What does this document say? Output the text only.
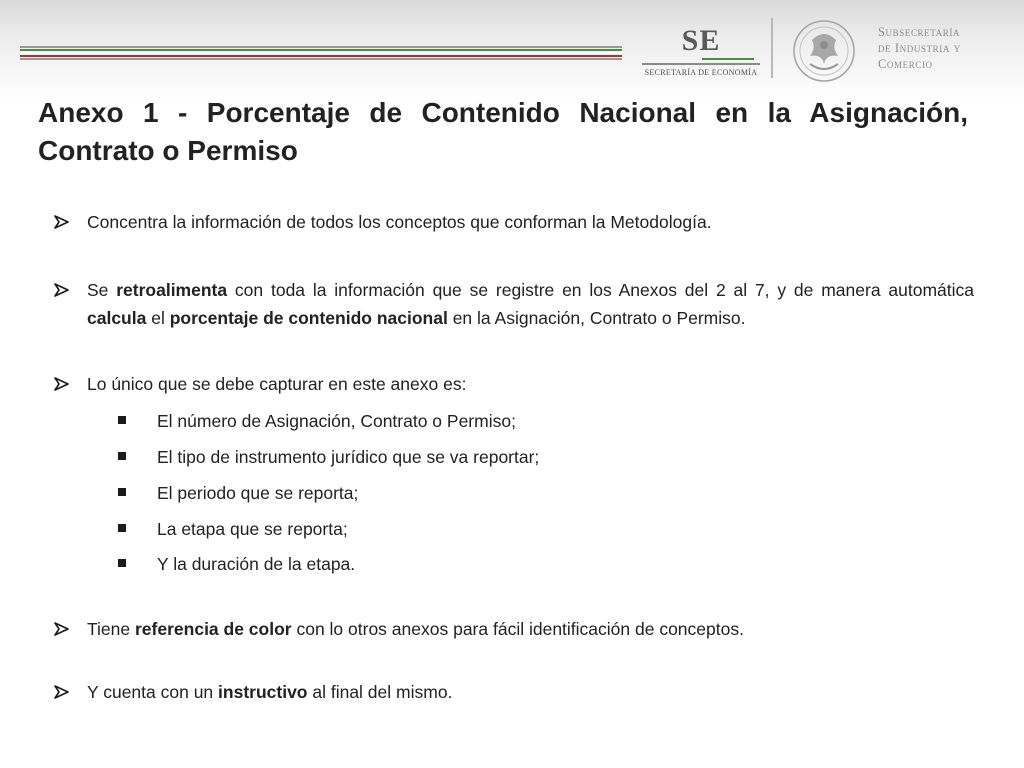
SE
SECRETARÍA DE ECONOMÍA
Subsecretaría
de Industria y
Comercio
Anexo 1 - Porcentaje de Contenido Nacional en la Asignación, Contrato o Permiso
Concentra la información de todos los conceptos que conforman la Metodología.
Se retroalimenta con toda la información que se registre en los Anexos del 2 al 7, y de manera automática calcula el porcentaje de contenido nacional en la Asignación, Contrato o Permiso.
Lo único que se debe capturar en este anexo es:
El número de Asignación, Contrato o Permiso;
El tipo de instrumento jurídico que se va reportar;
El periodo que se reporta;
La etapa que se reporta;
Y la duración de la etapa.
Tiene referencia de color con lo otros anexos para fácil identificación de conceptos.
Y cuenta con un instructivo al final del mismo.
